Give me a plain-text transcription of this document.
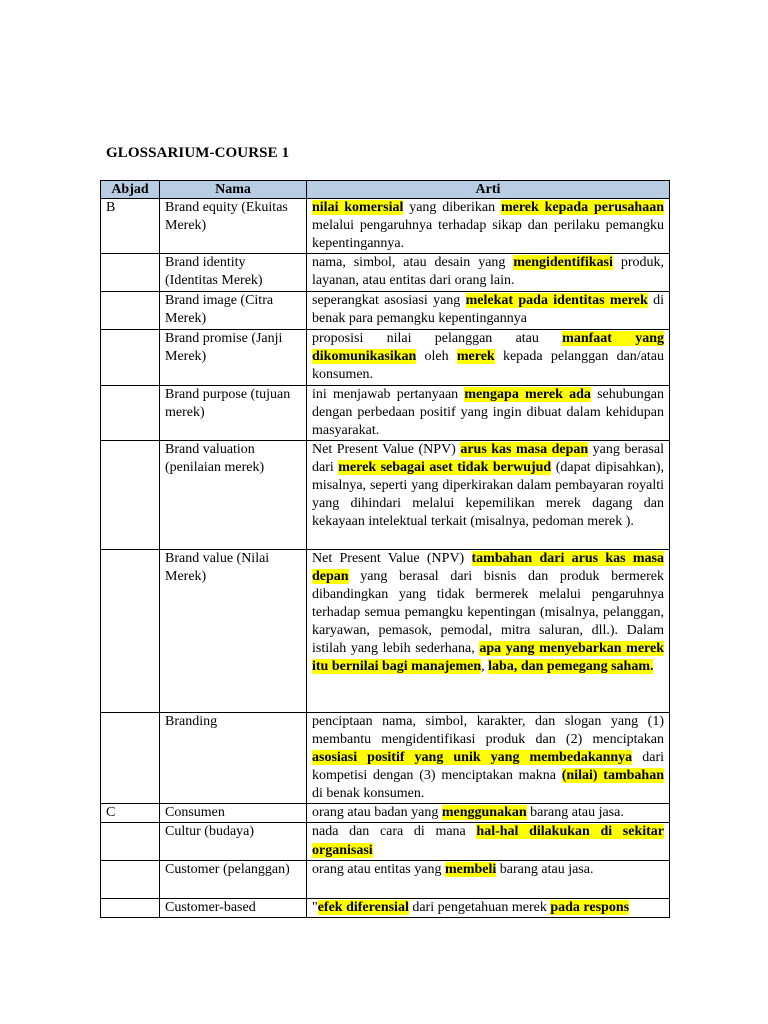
GLOSSARIUM-COURSE 1
Abjad	Nama	Arti
B	Brand equity (Ekuitas Merek)	nilai komersial yang diberikan merek kepada perusahaan melalui pengaruhnya terhadap sikap dan perilaku pemangku kepentingannya.
	Brand identity (Identitas Merek)	nama, simbol, atau desain yang mengidentifikasi produk, layanan, atau entitas dari orang lain.
	Brand image (Citra Merek)	seperangkat asosiasi yang melekat pada identitas merek di benak para pemangku kepentingannya
	Brand promise (Janji Merek)	proposisi nilai pelanggan atau manfaat yang dikomunikasikan oleh merek kepada pelanggan dan/atau konsumen.
	Brand purpose (tujuan merek)	ini menjawab pertanyaan mengapa merek ada sehubungan dengan perbedaan positif yang ingin dibuat dalam kehidupan masyarakat.
	Brand valuation (penilaian merek)	Net Present Value (NPV) arus kas masa depan yang berasal dari merek sebagai aset tidak berwujud (dapat dipisahkan), misalnya, seperti yang diperkirakan dalam pembayaran royalti yang dihindari melalui kepemilikan merek dagang dan kekayaan intelektual terkait (misalnya, pedoman merek ).
	Brand value (Nilai Merek)	Net Present Value (NPV) tambahan dari arus kas masa depan yang berasal dari bisnis dan produk bermerek dibandingkan yang tidak bermerek melalui pengaruhnya terhadap semua pemangku kepentingan (misalnya, pelanggan, karyawan, pemasok, pemodal, mitra saluran, dll.). Dalam istilah yang lebih sederhana, apa yang menyebarkan merek itu bernilai bagi manajemen, laba, dan pemegang saham.
	Branding	penciptaan nama, simbol, karakter, dan slogan yang (1) membantu mengidentifikasi produk dan (2) menciptakan asosiasi positif yang unik yang membedakannya dari kompetisi dengan (3) menciptakan makna (nilai) tambahan di benak konsumen.
C	Consumen	orang atau badan yang menggunakan barang atau jasa.
	Cultur (budaya)	nada dan cara di mana hal-hal dilakukan di sekitar organisasi
	Customer (pelanggan)	orang atau entitas yang membeli barang atau jasa.
	Customer-based	"efek diferensial dari pengetahuan merek pada respons
